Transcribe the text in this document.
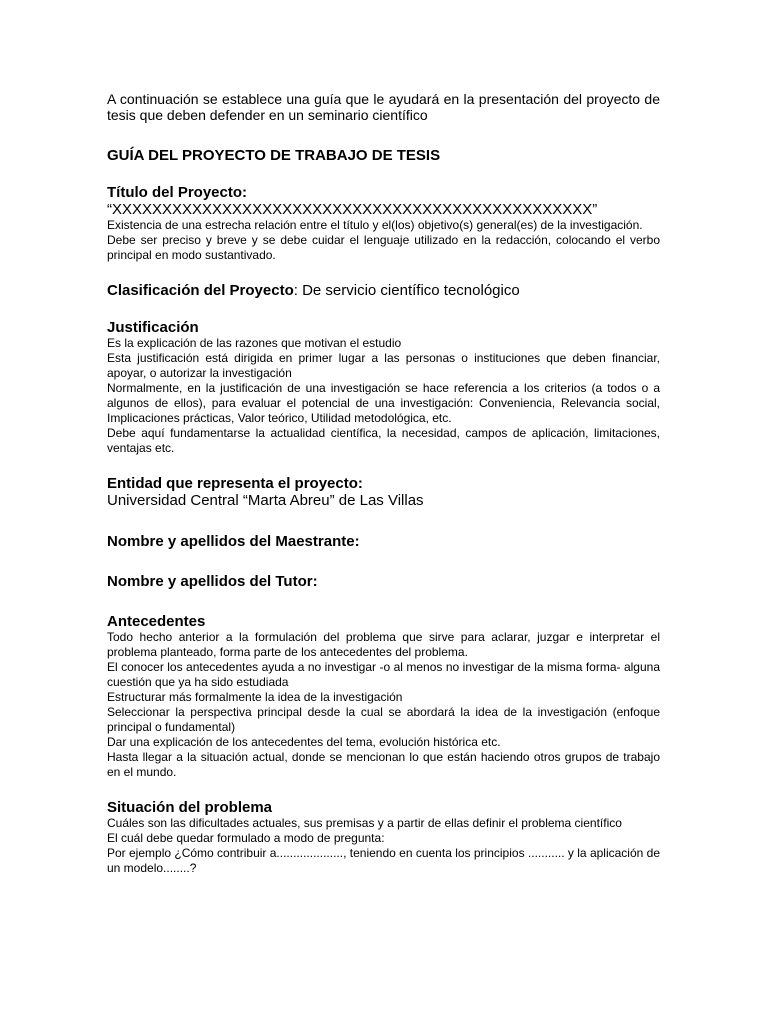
A continuación se establece una guía que le ayudará en la presentación del proyecto de tesis que deben defender en un seminario científico

GUÍA DEL PROYECTO DE TRABAJO DE TESIS

Título del Proyecto:

“XXXXXXXXXXXXXXXXXXXXXXXXXXXXXXXXXXXXXXXXXXXXXXXX”

Existencia de una estrecha relación entre el título y el(los) objetivo(s) general(es) de la investigación.

Debe ser preciso y breve y se debe cuidar el lenguaje utilizado en la redacción, colocando el verbo principal en modo sustantivado.

Clasificación del Proyecto: De servicio científico tecnológico

Justificación

Es la explicación de las razones que motivan el estudio

Esta justificación está dirigida en primer lugar a las personas o instituciones que deben financiar, apoyar, o autorizar la investigación

Normalmente, en la justificación de una investigación se hace referencia a los criterios (a todos o a algunos de ellos), para evaluar el potencial de una investigación: Conveniencia, Relevancia social, Implicaciones prácticas, Valor teórico, Utilidad metodológica, etc.

Debe aquí fundamentarse la actualidad científica, la necesidad, campos de aplicación, limitaciones, ventajas etc.

Entidad que representa el proyecto:

Universidad Central “Marta Abreu” de Las Villas

Nombre y apellidos del Maestrante:

Nombre y apellidos del Tutor:

Antecedentes

Todo hecho anterior a la formulación del problema que sirve para aclarar, juzgar e interpretar el problema planteado, forma parte de los antecedentes del problema.

El conocer los antecedentes ayuda a no investigar -o al menos no investigar de la misma forma- alguna cuestión que ya ha sido estudiada

Estructurar más formalmente la idea de la investigación

Seleccionar la perspectiva principal desde la cual se abordará la idea de la investigación (enfoque principal o fundamental)

Dar una explicación de los antecedentes del tema, evolución histórica etc.

Hasta llegar a la situación actual, donde se mencionan lo que están haciendo otros grupos de trabajo en el mundo.

Situación del problema

Cuáles son las dificultades actuales, sus premisas y a partir de ellas definir el problema científico

El cuál debe quedar formulado a modo de pregunta:

Por ejemplo ¿Cómo contribuir a...................., teniendo en cuenta los principios ........... y la aplicación de un modelo........?
